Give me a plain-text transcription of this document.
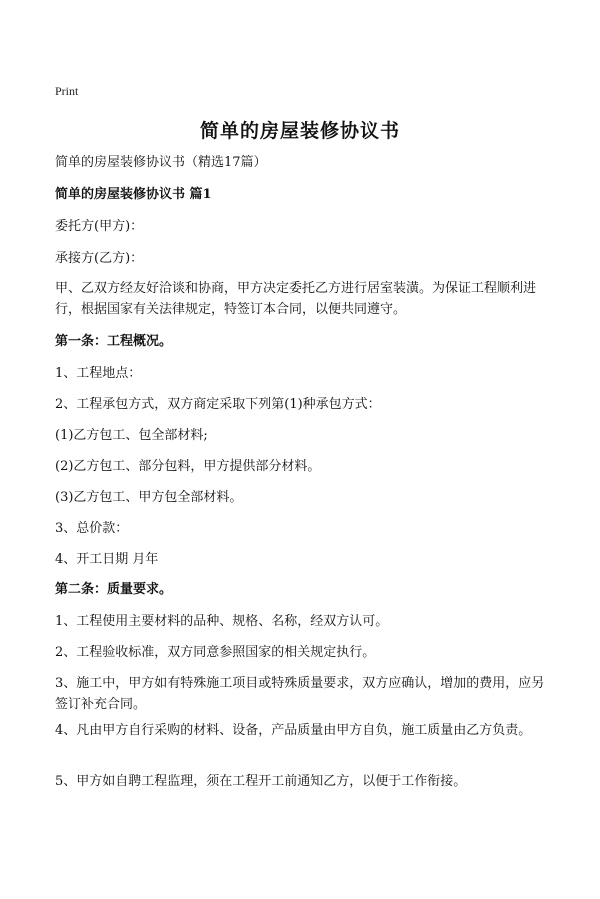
Print
简单的房屋装修协议书
简单的房屋装修协议书（精选17篇）
简单的房屋装修协议书 篇1
委托方(甲方)：
承接方(乙方)：
甲、乙双方经友好洽谈和协商，甲方决定委托乙方进行居室装潢。为保证工程顺利进行，根据国家有关法律规定，特签订本合同，以便共同遵守。
第一条：工程概况。
1、工程地点：
2、工程承包方式，双方商定采取下列第(1)种承包方式：
(1)乙方包工、包全部材料;
(2)乙方包工、部分包料，甲方提供部分材料。
(3)乙方包工、甲方包全部材料。
3、总价款：
4、开工日期 月年
第二条：质量要求。
1、工程使用主要材料的品种、规格、名称，经双方认可。
2、工程验收标准，双方同意参照国家的相关规定执行。
3、施工中，甲方如有特殊施工项目或特殊质量要求，双方应确认，增加的费用，应另签订补充合同。
4、凡由甲方自行采购的材料、设备，产品质量由甲方自负，施工质量由乙方负责。
5、甲方如自聘工程监理，须在工程开工前通知乙方，以便于工作衔接。
